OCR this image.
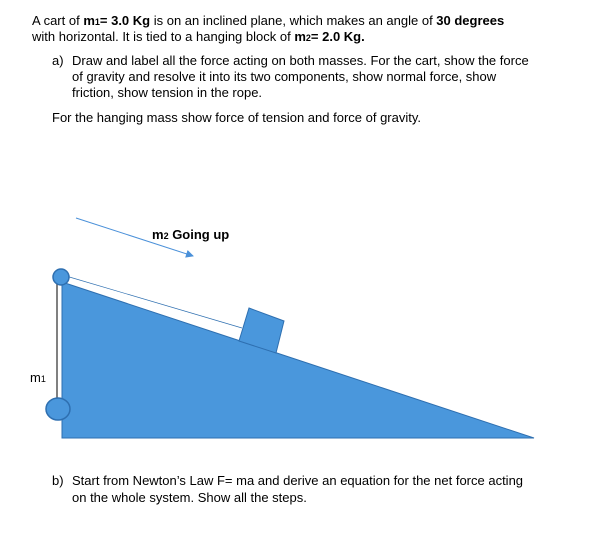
A cart of m1= 3.0 Kg is on an inclined plane, which makes an angle of 30 degrees
with horizontal. It is tied to a hanging block of m2= 2.0 Kg.
a) Draw and label all the force acting on both masses. For the cart, show the force
of gravity and resolve it into its two components, show normal force, show
friction, show tension in the rope.
For the hanging mass show force of tension and force of gravity.
m2 Going up
m1
b) Start from Newton’s Law F= ma and derive an equation for the net force acting
on the whole system. Show all the steps.
